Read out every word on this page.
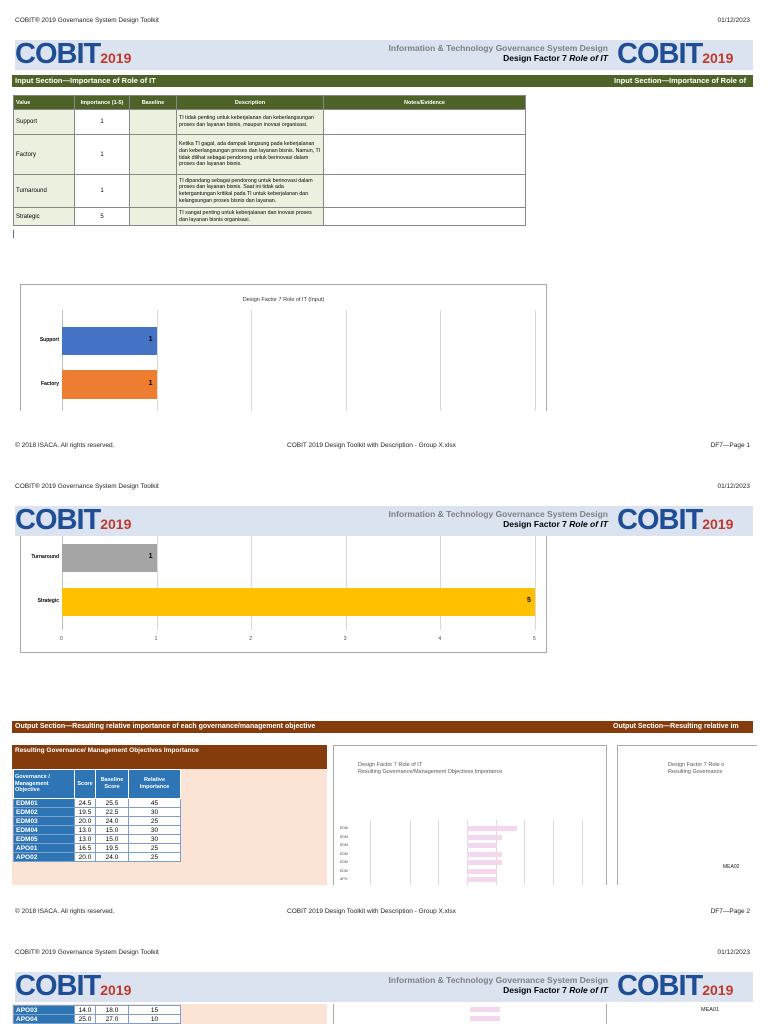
COBIT® 2019 Governance System Design Toolkit	01/12/2023
COBIT2019
Information & Technology Governance System Design
Design Factor 7 Role of IT COBIT2019
Input Section—Importance of Role of IT	Input Section—Importance of Role of
Value	Importance (1-5)	Baseline	Description	Notes/Evidence
Support	1		TI tidak penting untuk keberjalanan dan keberlangsungan proses dan layanan bisnis, maupun inovasi organisasi.	
Factory	1		Ketika TI gagal, ada dampak langsung pada keberjalanan dan keberlangsungan proses dan layanan bisnis. Namun, TI tidak dilihat sebagai pendorong untuk berinovasi dalam proses dan layanan bisnis.	
Turnaround	1		TI dipandang sebagai pendorong untuk berinovasi dalam proses dan layanan bisnis. Saat ini tidak ada ketergantungan kritikal pada TI untuk keberjalanan dan kelangsungan proses bisnis dan layanan.	
Strategic	5		TI sangat penting untuk keberjalanan dan inovasi proses dan layanan bisnis organisasi.	
Design Factor 7 Role of IT (Input)
Support	1
Factory	1
© 2018 ISACA. All rights reserved.	COBIT 2019 Design Toolkit with Description - Group X.xlsx	DF7—Page 1
COBIT® 2019 Governance System Design Toolkit	01/12/2023
COBIT2019
Information & Technology Governance System Design
Design Factor 7 Role of IT COBIT2019
Turnaround	1
Strategic	5
0	1	2	3	4	5
Output Section—Resulting relative importance of each governance/management objective	Output Section—Resulting relative im
Resulting Governance/ Management Objectives Importance
Governance / Management Objective	Score	Baseline Score	Relative Importance
EDM01	24.5	25.5	45
EDM02	19.5	22.5	30
EDM03	20.0	24.0	25
EDM04	13.0	15.0	30
EDM05	13.0	15.0	30
APO01	16.5	19.5	25
APO02	20.0	24.0	25
Design Factor 7 Role of IT
Resulting Governance/Management Objectives Importance
EDM
EDM
EDM
EDM
EDM
EDM
APO
Design Factor 7 Role o
Resulting Governance
MEA02
© 2018 ISACA. All rights reserved.	COBIT 2019 Design Toolkit with Description - Group X.xlsx	DF7—Page 2
COBIT® 2019 Governance System Design Toolkit	01/12/2023
COBIT2019
Information & Technology Governance System Design
Design Factor 7 Role of IT COBIT2019
APO03	14.0	18.0	15
APO04	25.0	27.0	10
MEA01
